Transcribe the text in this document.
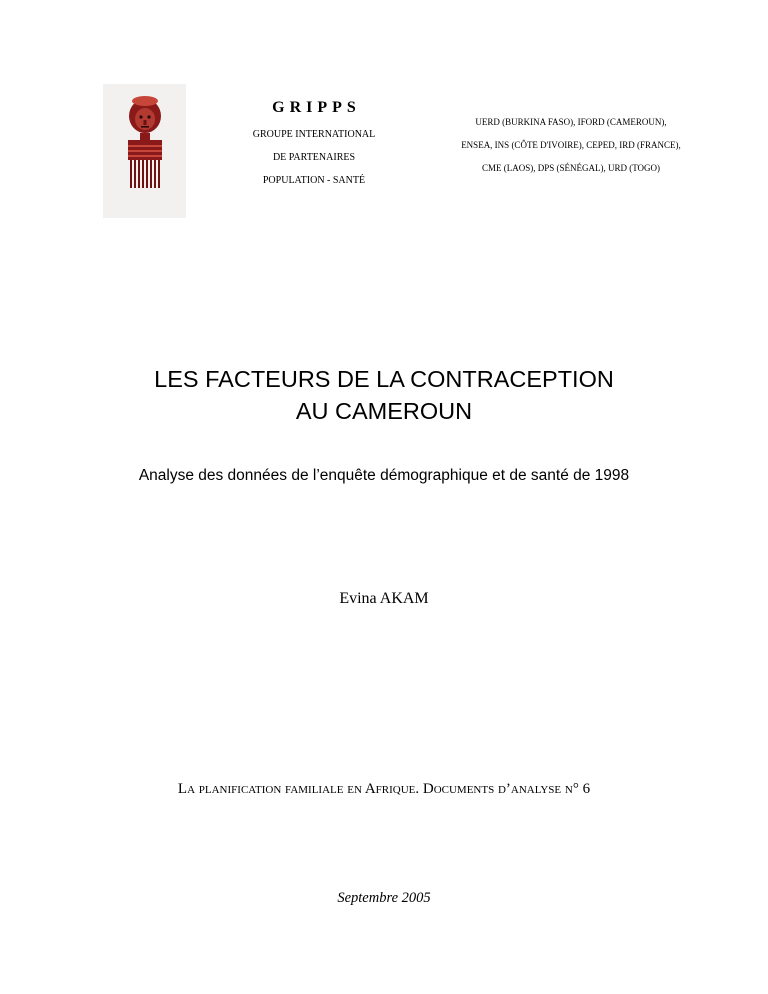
GRIPPS
GROUPE INTERNATIONAL
DE PARTENAIRES
POPULATION - SANTÉ
UERD (BURKINA FASO), IFORD (CAMEROUN),
ENSEA, INS (CÔTE D'IVOIRE), CEPED, IRD (FRANCE),
CME (LAOS), DPS (SÉNÉGAL), URD (TOGO)
LES FACTEURS DE LA CONTRACEPTION
AU CAMEROUN
Analyse des données de l’enquête démographique et de santé de 1998
Evina AKAM
La planification familiale en Afrique. Documents d’analyse n° 6
Septembre 2005
